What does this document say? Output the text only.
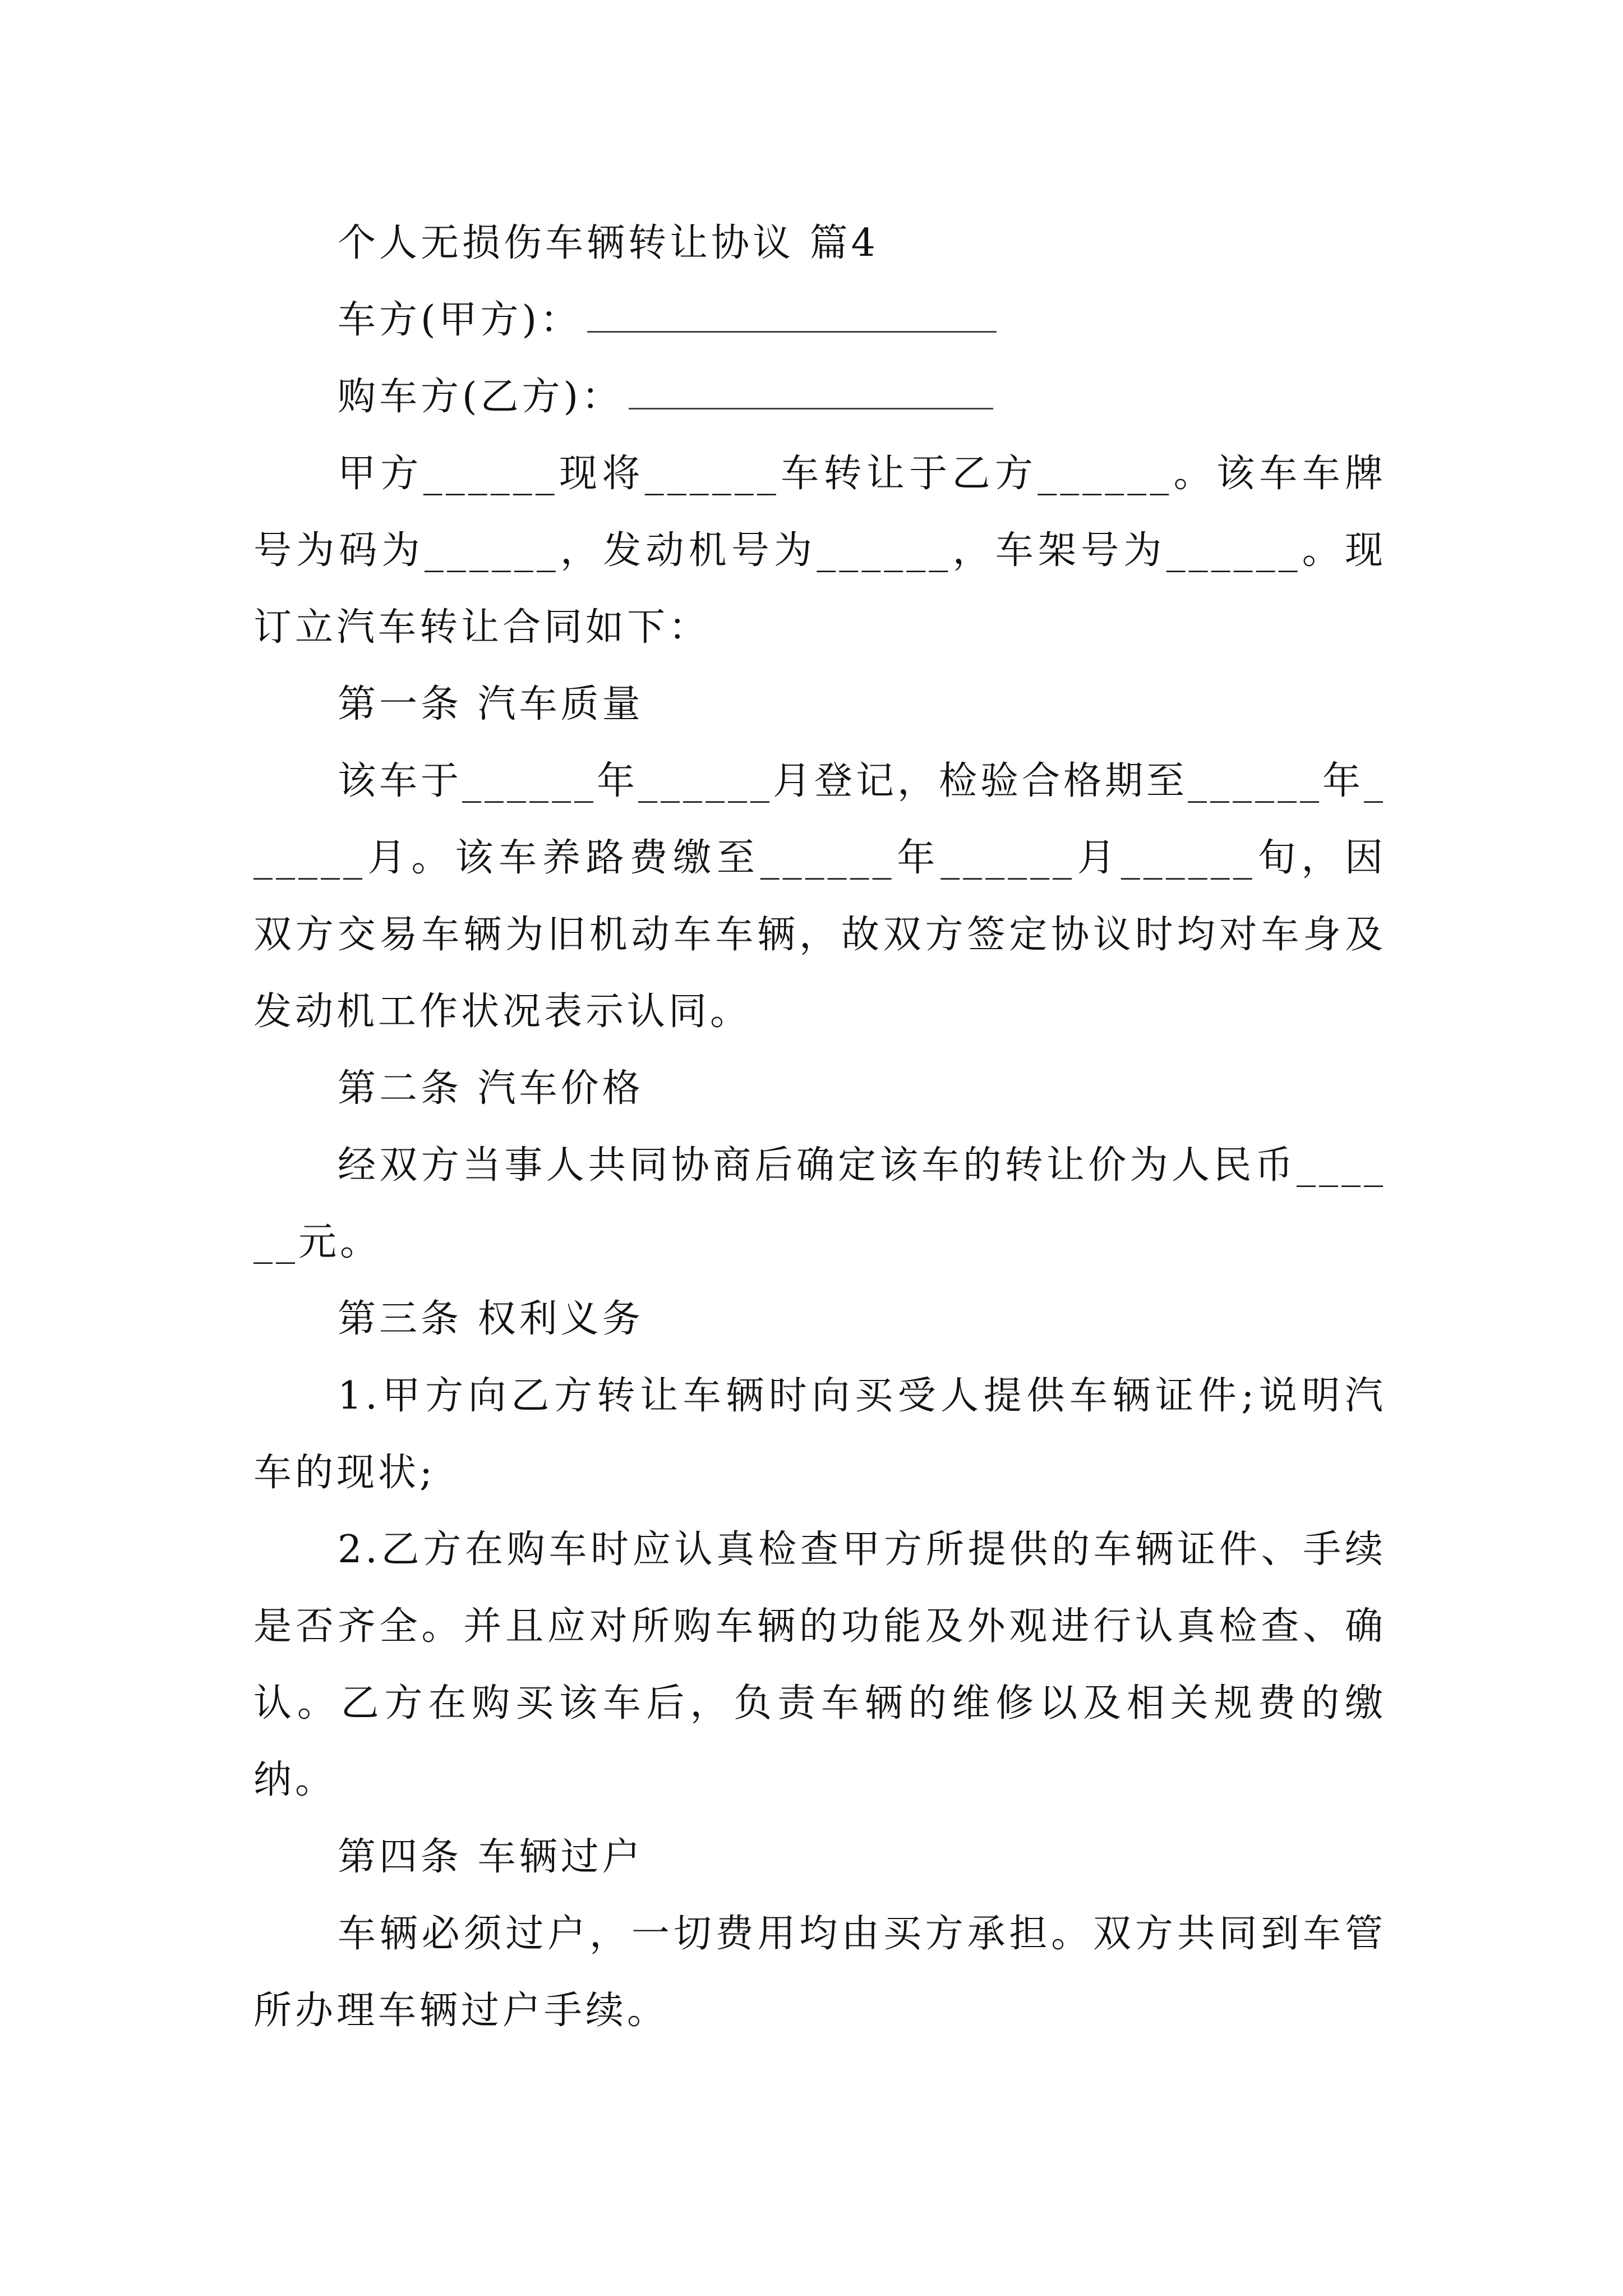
个人无损伤车辆转让协议 篇4
车方(甲方)：
购车方(乙方)：

甲方______现将______车转让于乙方______。该车车牌号为码为______，发动机号为______，车架号为______。现订立汽车转让合同如下：

第一条 汽车质量

该车于______年______月登记，检验合格期至______年______月。该车养路费缴至______年______月______旬，因双方交易车辆为旧机动车车辆，故双方签定协议时均对车身及发动机工作状况表示认同。

第二条 汽车价格

经双方当事人共同协商后确定该车的转让价为人民币______元。

第三条 权利义务

1.甲方向乙方转让车辆时向买受人提供车辆证件;说明汽车的现状;

2.乙方在购车时应认真检查甲方所提供的车辆证件、手续是否齐全。并且应对所购车辆的功能及外观进行认真检查、确认。乙方在购买该车后，负责车辆的维修以及相关规费的缴纳。

第四条 车辆过户

车辆必须过户，一切费用均由买方承担。双方共同到车管所办理车辆过户手续。
